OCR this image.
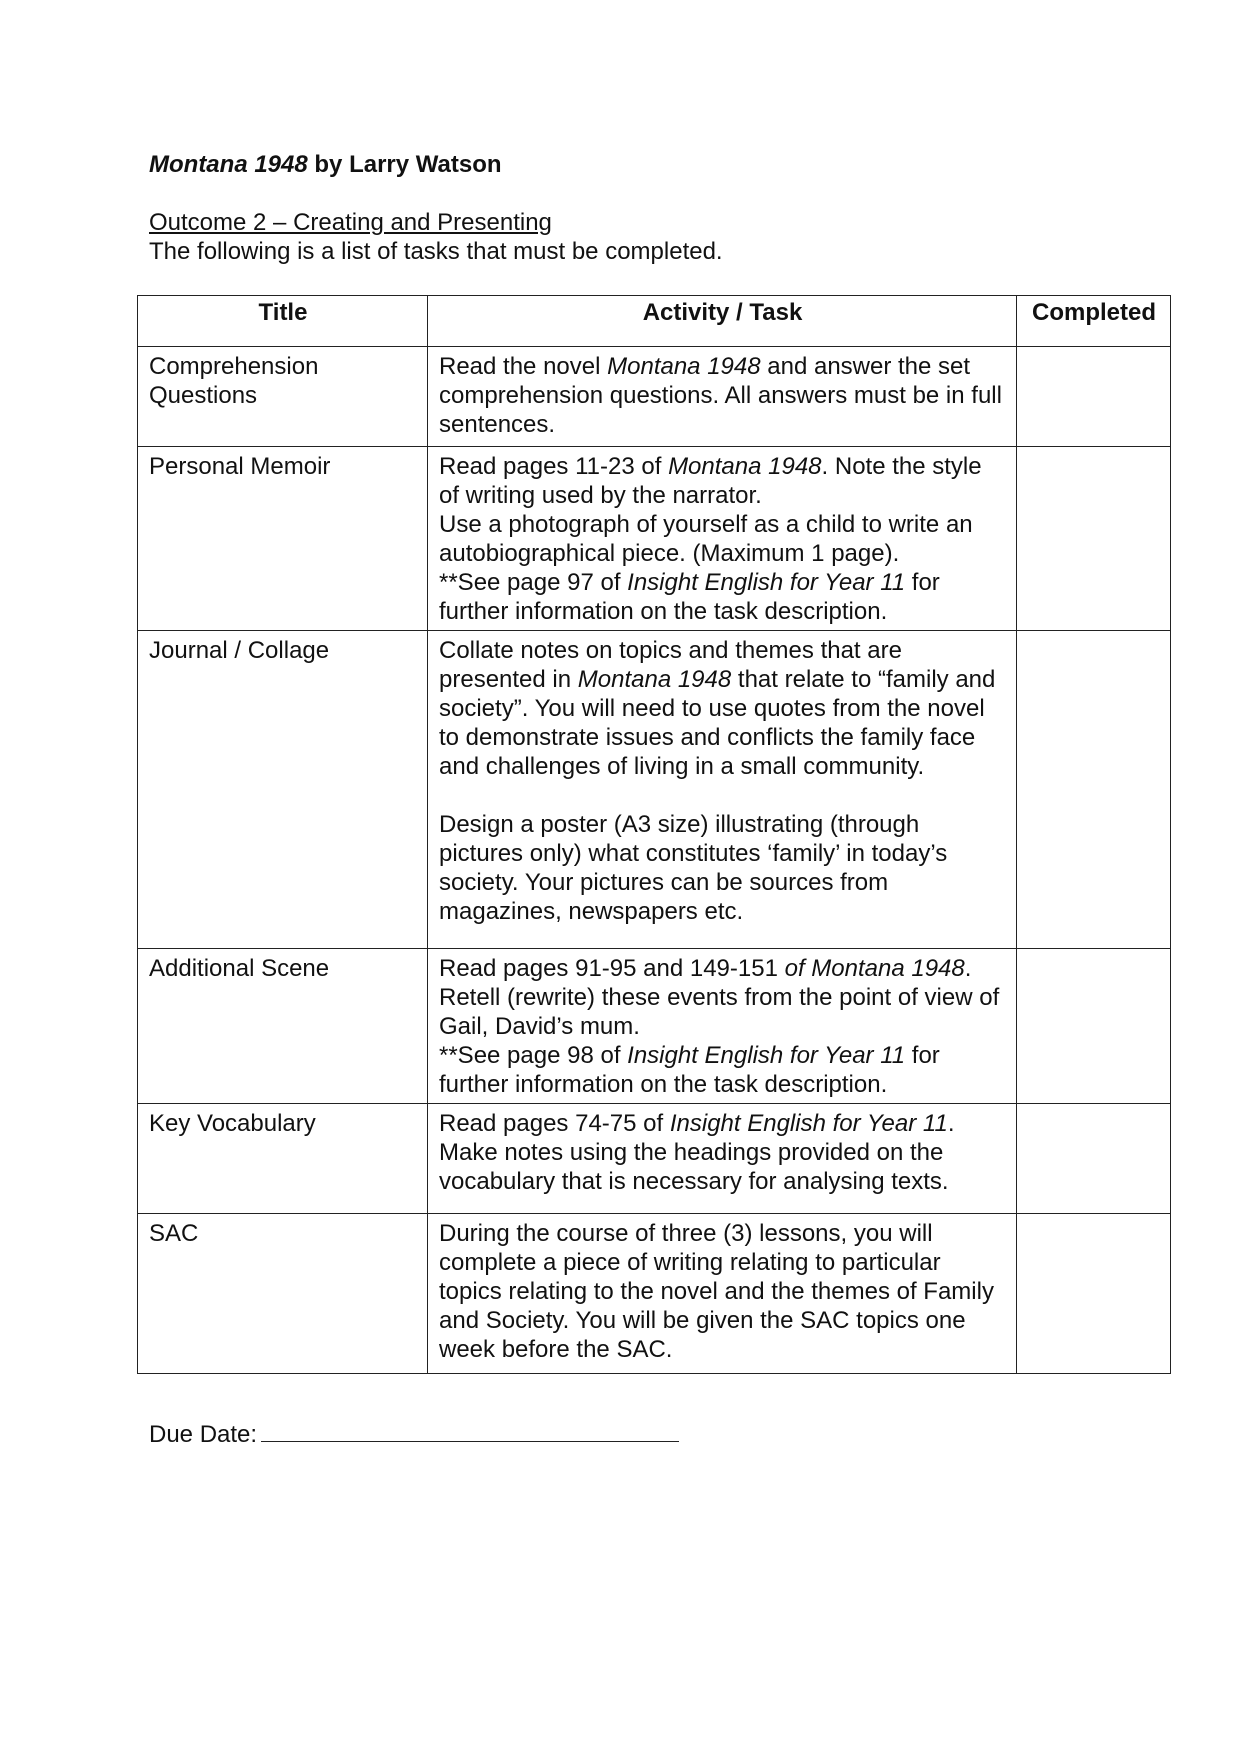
Montana 1948 by Larry Watson
Outcome 2 – Creating and Presenting
The following is a list of tasks that must be completed.
Title	Activity / Task	Completed
Comprehension Questions	Read the novel Montana 1948 and answer the set comprehension questions. All answers must be in full sentences.	

Personal Memoir	Read pages 11-23 of Montana 1948. Note the style of writing used by the narrator.

Use a photograph of yourself as a child to write an autobiographical piece. (Maximum 1 page).

**See page 97 of Insight English for Year 11 for further information on the task description.	

Journal / Collage	Collate notes on topics and themes that are presented in Montana 1948 that relate to “family and society”. You will need to use quotes from the novel to demonstrate issues and conflicts the family face and challenges of living in a small community.

Design a poster (A3 size) illustrating (through pictures only) what constitutes ‘family’ in today’s society. Your pictures can be sources from magazines, newspapers etc.	

Additional Scene	Read pages 91-95 and 149-151 of Montana 1948. Retell (rewrite) these events from the point of view of Gail, David’s mum.

**See page 98 of Insight English for Year 11 for further information on the task description.	

Key Vocabulary	Read pages 74-75 of Insight English for Year 11. Make notes using the headings provided on the vocabulary that is necessary for analysing texts.	

SAC	During the course of three (3) lessons, you will complete a piece of writing relating to particular topics relating to the novel and the themes of Family and Society. You will be given the SAC topics one week before the SAC.	

Due Date:
